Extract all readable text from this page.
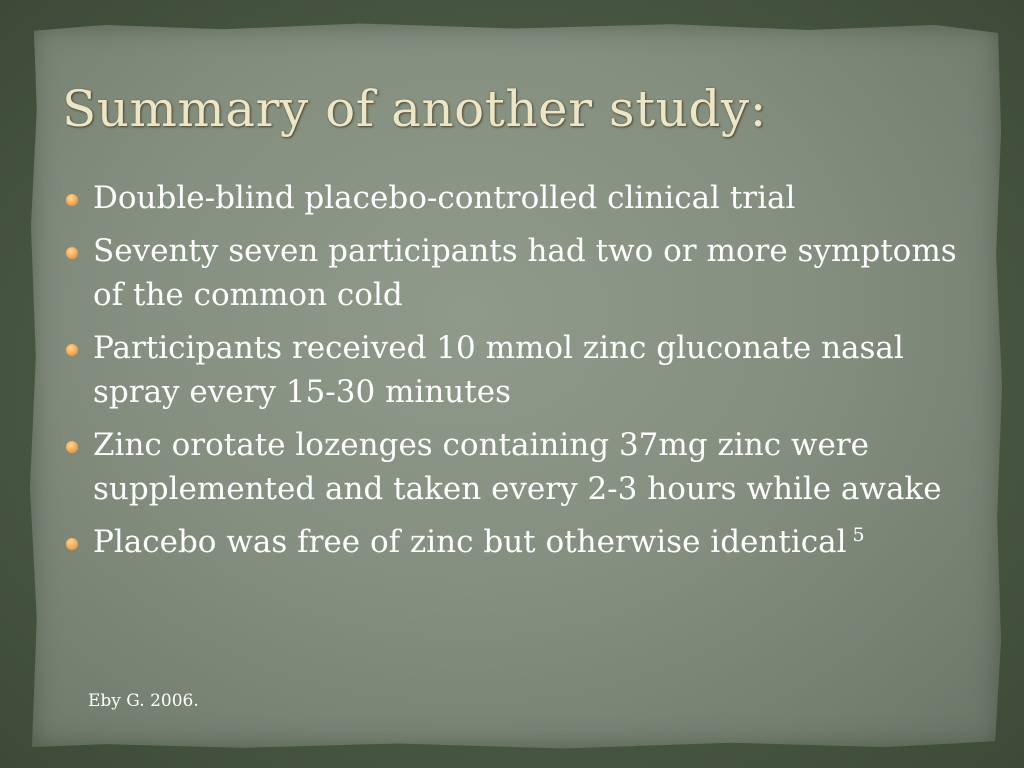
Summary of another study:
Double-blind placebo-controlled clinical trial
Seventy seven participants had two or more symptoms of the common cold
Participants received 10 mmol zinc gluconate nasal spray every 15-30 minutes
Zinc orotate lozenges containing 37mg zinc were supplemented and taken every 2-3 hours while awake
Placebo was free of zinc but otherwise identical $^5$

Eby G. 2006.
